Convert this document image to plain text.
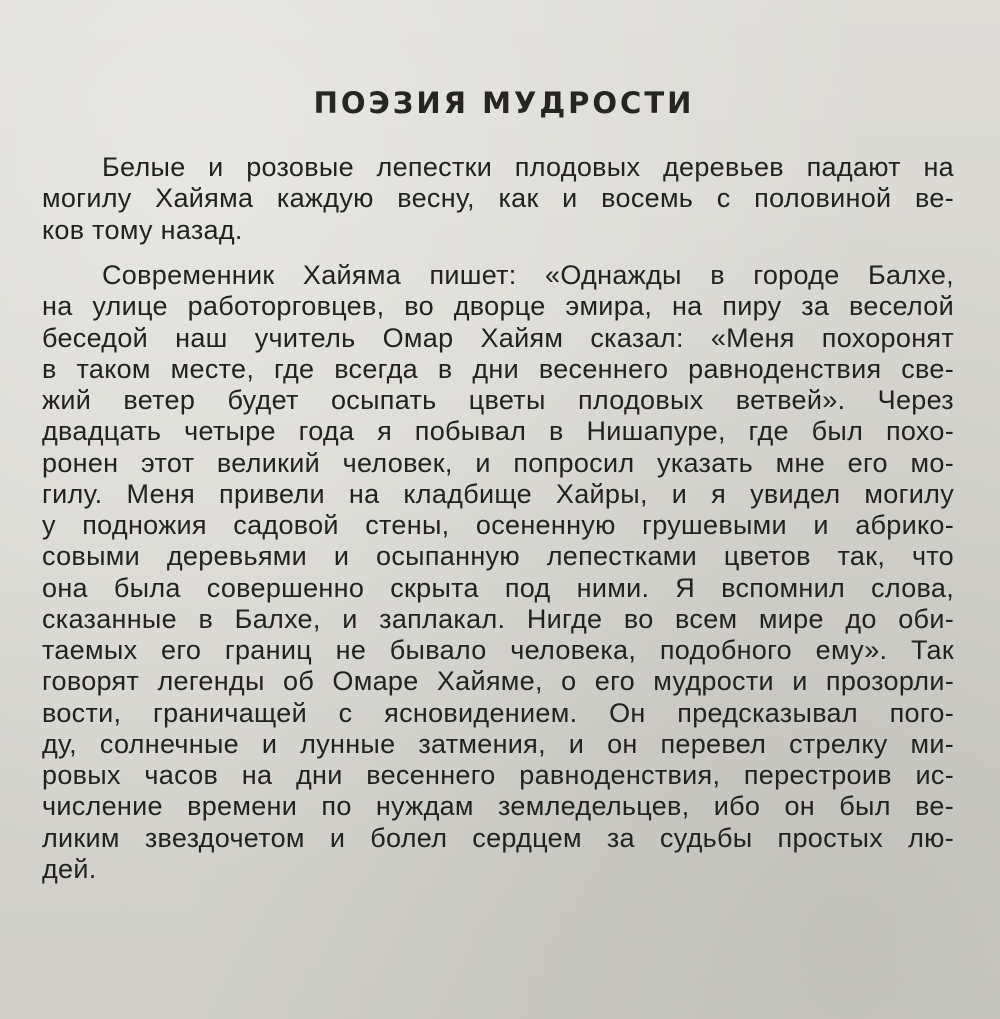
ПОЭЗИЯ МУДРОСТИ
Белые и розовые лепестки плодовых деревьев падают на
могилу Хайяма каждую весну, как и восемь с половиной ве-
ков тому назад.
Современник Хайяма пишет: «Однажды в городе Балхе,
на улице работорговцев, во дворце эмира, на пиру за веселой
беседой наш учитель Омар Хайям сказал: «Меня похоронят
в таком месте, где всегда в дни весеннего равноденствия све-
жий ветер будет осыпать цветы плодовых ветвей». Через
двадцать четыре года я побывал в Нишапуре, где был похо-
ронен этот великий человек, и попросил указать мне его мо-
гилу. Меня привели на кладбище Хайры, и я увидел могилу
у подножия садовой стены, осененную грушевыми и абрико-
совыми деревьями и осыпанную лепестками цветов так, что
она была совершенно скрыта под ними. Я вспомнил слова,
сказанные в Балхе, и заплакал. Нигде во всем мире до оби-
таемых его границ не бывало человека, подобного ему». Так
говорят легенды об Омаре Хайяме, о его мудрости и прозорли-
вости, граничащей с ясновидением. Он предсказывал пого-
ду, солнечные и лунные затмения, и он перевел стрелку ми-
ровых часов на дни весеннего равноденствия, перестроив ис-
числение времени по нуждам земледельцев, ибо он был ве-
ликим звездочетом и болел сердцем за судьбы простых лю-
дей.
